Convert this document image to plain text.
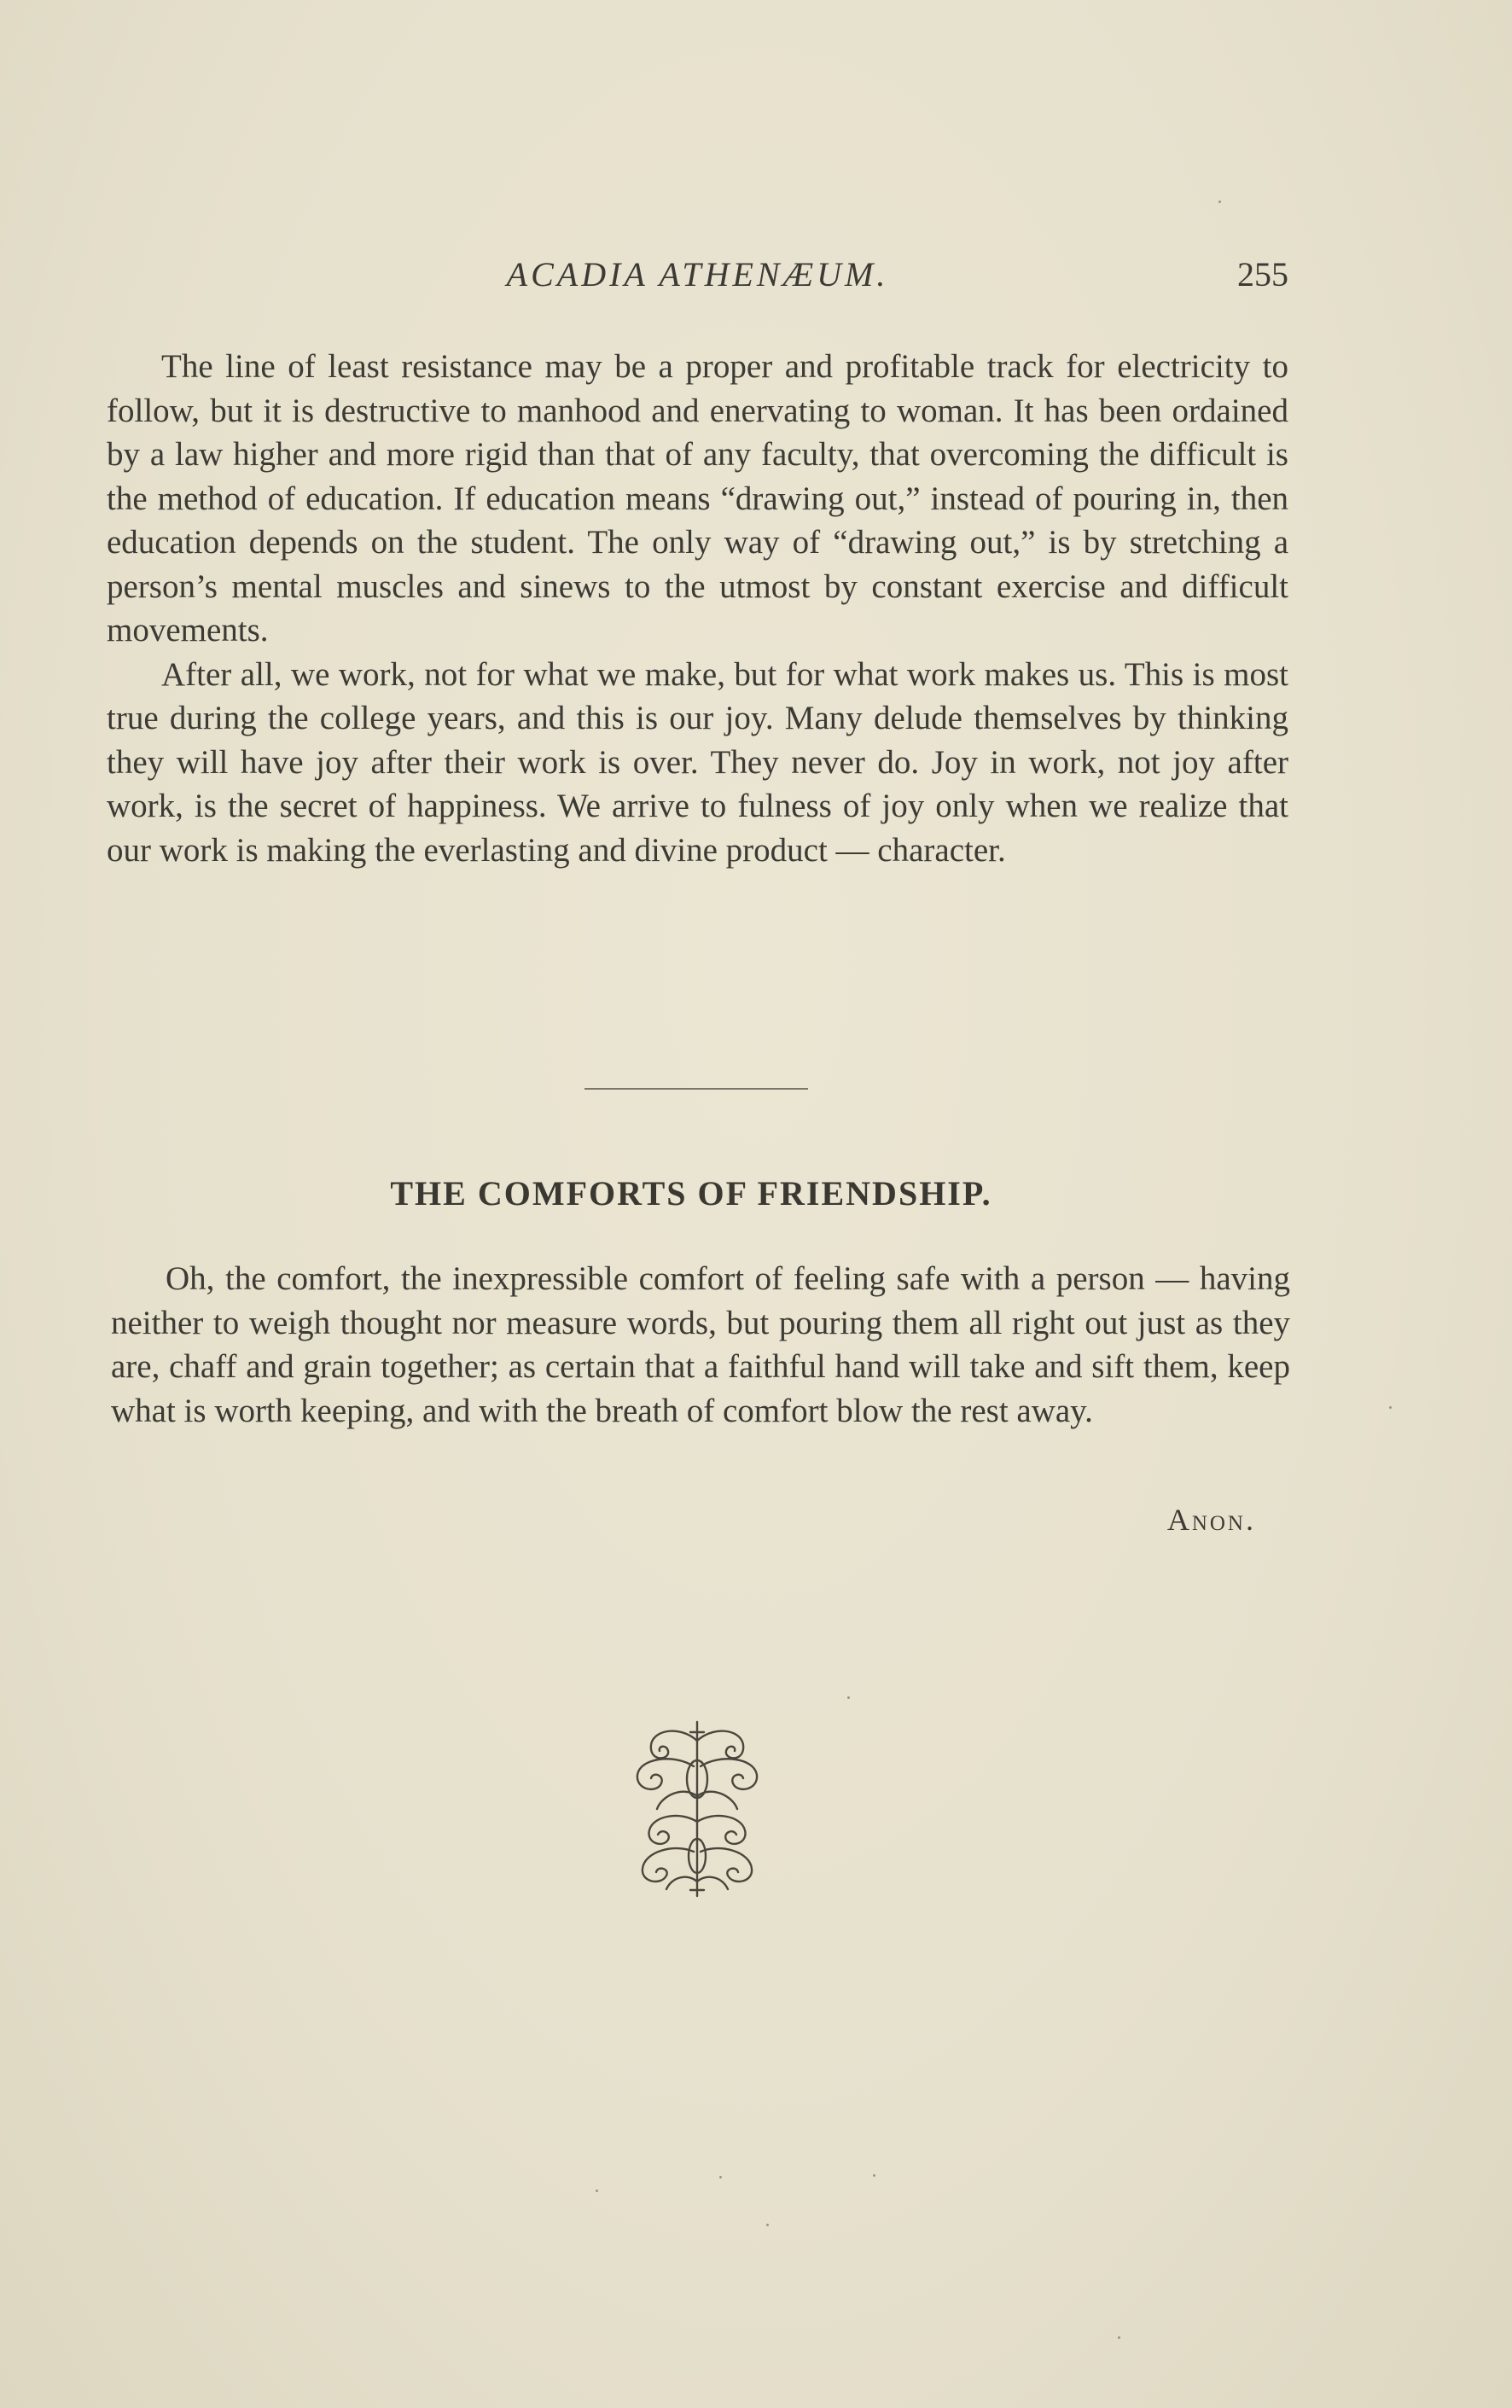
ACADIA ATHENÆUM.	255

The line of least resistance may be a proper and profitable track for electricity to follow, but it is destructive to manhood and enervating to woman. It has been ordained by a law higher and more rigid than that of any faculty, that overcoming the difficult is the method of education. If education means “drawing out,” instead of pouring in, then education depends on the student. The only way of “drawing out,” is by stretching a person’s mental muscles and sinews to the utmost by constant exercise and difficult movements.

After all, we work, not for what we make, but for what work makes us. This is most true during the college years, and this is our joy. Many delude themselves by thinking they will have joy after their work is over. They never do. Joy in work, not joy after work, is the secret of happiness. We arrive to fulness of joy only when we realize that our work is making the everlasting and divine product — character.

THE COMFORTS OF FRIENDSHIP.

Oh, the comfort, the inexpressible comfort of feeling safe with a person — having neither to weigh thought nor measure words, but pouring them all right out just as they are, chaff and grain together; as certain that a faithful hand will take and sift them, keep what is worth keeping, and with the breath of comfort blow the rest away.

Anon.
